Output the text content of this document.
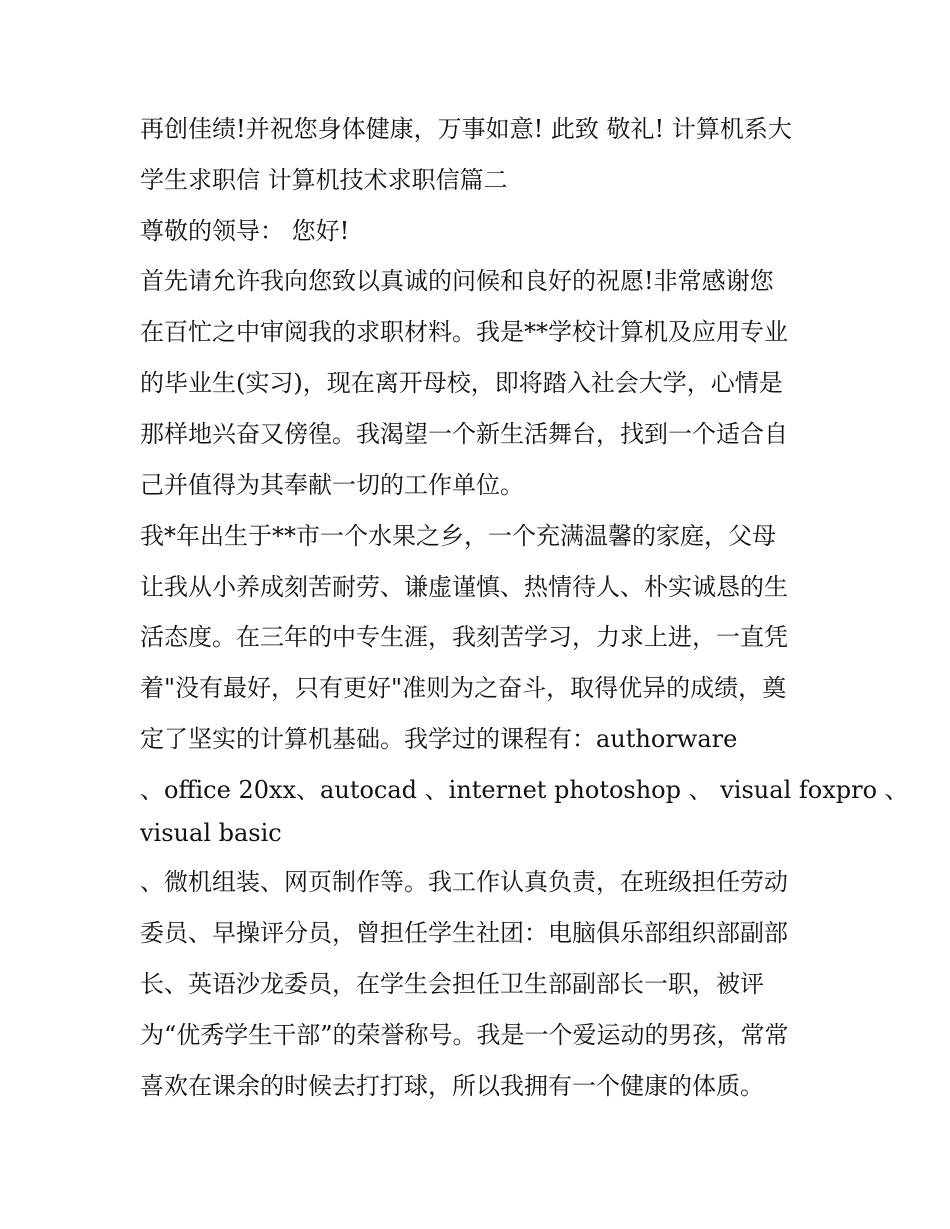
再创佳绩!并祝您身体健康，万事如意! 此致 敬礼! 计算机系大
学生求职信 计算机技术求职信篇二
尊敬的领导： 您好!
首先请允许我向您致以真诚的问候和良好的祝愿!非常感谢您
在百忙之中审阅我的求职材料。我是**学校计算机及应用专业
的毕业生(实习)，现在离开母校，即将踏入社会大学，心情是
那样地兴奋又傍徨。我渴望一个新生活舞台，找到一个适合自
己并值得为其奉献一切的工作单位。
我*年出生于**市一个水果之乡，一个充满温馨的家庭，父母
让我从小养成刻苦耐劳、谦虚谨慎、热情待人、朴实诚恳的生
活态度。在三年的中专生涯，我刻苦学习，力求上进，一直凭
着"没有最好，只有更好"准则为之奋斗，取得优异的成绩，奠
定了坚实的计算机基础。我学过的课程有：authorware
、office 20xx、autocad 、internet photoshop 、 visual foxpro 、
visual basic
、微机组装、网页制作等。我工作认真负责，在班级担任劳动
委员、早操评分员，曾担任学生社团：电脑俱乐部组织部副部
长、英语沙龙委员，在学生会担任卫生部副部长一职，被评
为“优秀学生干部”的荣誉称号。我是一个爱运动的男孩，常常
喜欢在课余的时候去打打球，所以我拥有一个健康的体质。
